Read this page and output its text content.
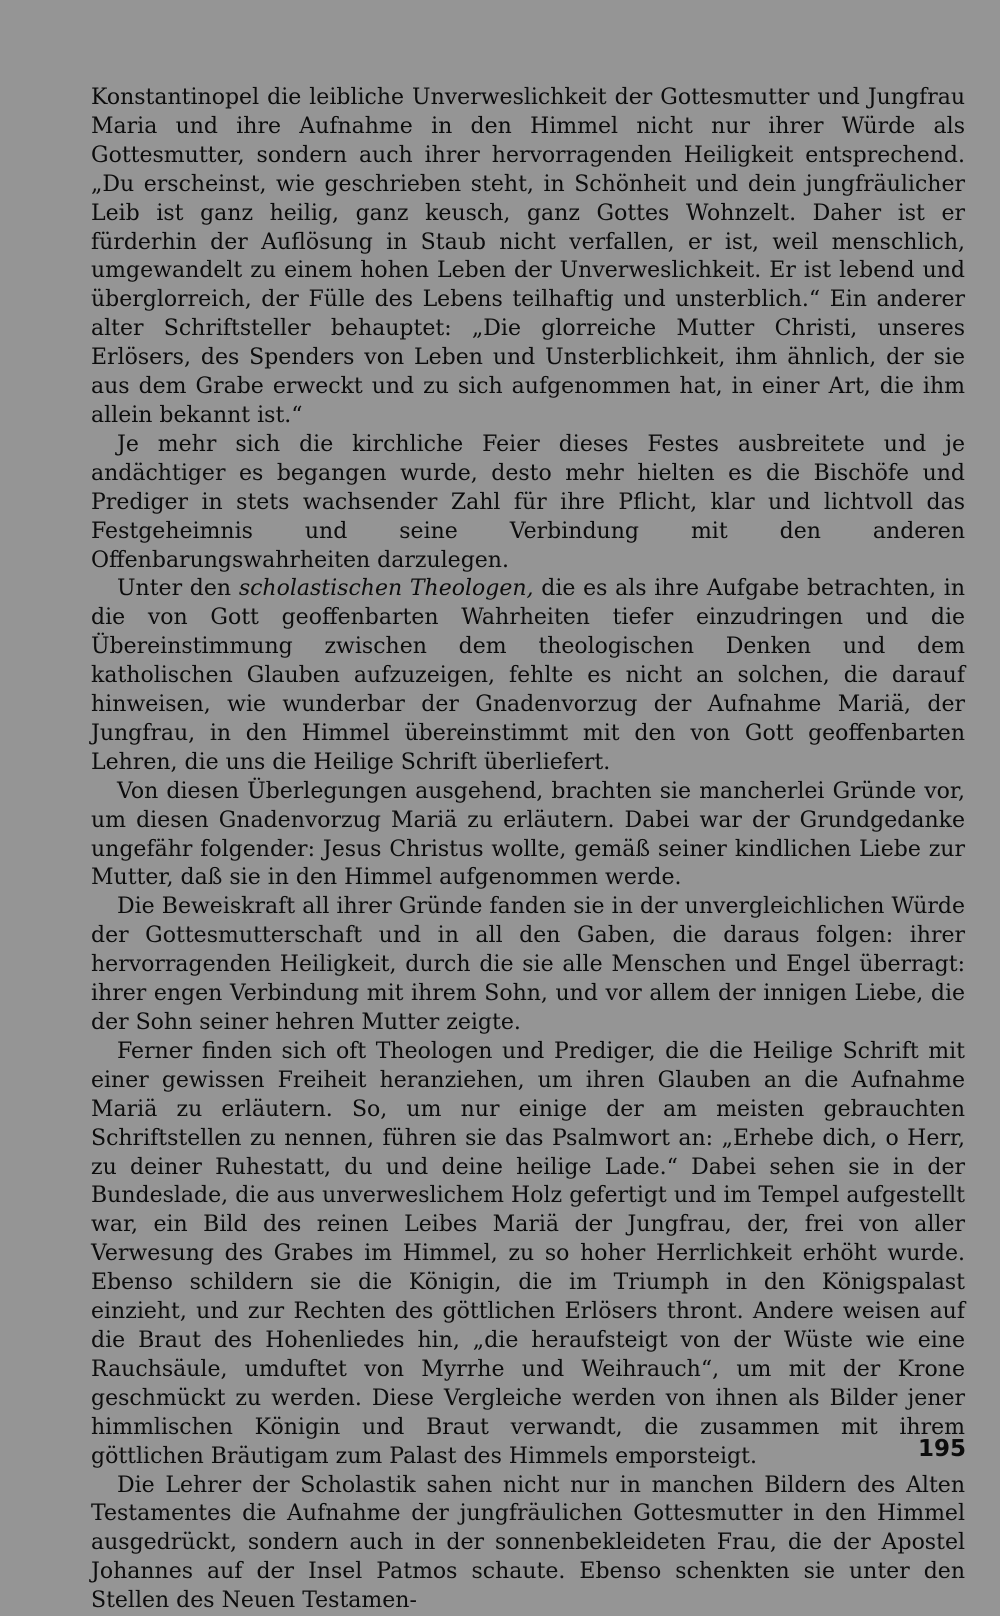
Konstantinopel die leibliche Unverweslichkeit der Gottesmutter und Jungfrau Maria und ihre Aufnahme in den Himmel nicht nur ihrer Würde als Gottesmutter, sondern auch ihrer hervorragenden Heiligkeit entsprechend. „Du erscheinst, wie geschrieben steht, in Schönheit und dein jungfräulicher Leib ist ganz heilig, ganz keusch, ganz Gottes Wohnzelt. Daher ist er fürderhin der Auflösung in Staub nicht verfallen, er ist, weil menschlich, umgewandelt zu einem hohen Leben der Unverweslichkeit. Er ist lebend und überglorreich, der Fülle des Lebens teilhaftig und unsterblich.“ Ein anderer alter Schriftsteller behauptet: „Die glorreiche Mutter Christi, unseres Erlösers, des Spenders von Leben und Unsterblichkeit, ihm ähnlich, der sie aus dem Grabe erweckt und zu sich aufgenommen hat, in einer Art, die ihm allein bekannt ist.“

Je mehr sich die kirchliche Feier dieses Festes ausbreitete und je andächtiger es begangen wurde, desto mehr hielten es die Bischöfe und Prediger in stets wachsender Zahl für ihre Pflicht, klar und lichtvoll das Festgeheimnis und seine Verbindung mit den anderen Offenbarungswahrheiten darzulegen.

Unter den scholastischen Theologen, die es als ihre Aufgabe betrachten, in die von Gott geoffenbarten Wahrheiten tiefer einzudringen und die Übereinstimmung zwischen dem theologischen Denken und dem katholischen Glauben aufzuzeigen, fehlte es nicht an solchen, die darauf hinweisen, wie wunderbar der Gnadenvorzug der Aufnahme Mariä, der Jungfrau, in den Himmel übereinstimmt mit den von Gott geoffenbarten Lehren, die uns die Heilige Schrift überliefert.

Von diesen Überlegungen ausgehend, brachten sie mancherlei Gründe vor, um diesen Gnadenvorzug Mariä zu erläutern. Dabei war der Grundgedanke ungefähr folgender: Jesus Christus wollte, gemäß seiner kindlichen Liebe zur Mutter, daß sie in den Himmel aufgenommen werde.

Die Beweiskraft all ihrer Gründe fanden sie in der unvergleichlichen Würde der Gottesmutterschaft und in all den Gaben, die daraus folgen: ihrer hervorragenden Heiligkeit, durch die sie alle Menschen und Engel überragt: ihrer engen Verbindung mit ihrem Sohn, und vor allem der innigen Liebe, die der Sohn seiner hehren Mutter zeigte.

Ferner finden sich oft Theologen und Prediger, die die Heilige Schrift mit einer gewissen Freiheit heranziehen, um ihren Glauben an die Aufnahme Mariä zu erläutern. So, um nur einige der am meisten gebrauchten Schriftstellen zu nennen, führen sie das Psalmwort an: „Erhebe dich, o Herr, zu deiner Ruhestatt, du und deine heilige Lade.“ Dabei sehen sie in der Bundeslade, die aus unverweslichem Holz gefertigt und im Tempel aufgestellt war, ein Bild des reinen Leibes Mariä der Jungfrau, der, frei von aller Verwesung des Grabes im Himmel, zu so hoher Herrlichkeit erhöht wurde. Ebenso schildern sie die Königin, die im Triumph in den Königspalast einzieht, und zur Rechten des göttlichen Erlösers thront. Andere weisen auf die Braut des Hohenliedes hin, „die heraufsteigt von der Wüste wie eine Rauchsäule, umduftet von Myrrhe und Weihrauch“, um mit der Krone geschmückt zu werden. Diese Vergleiche werden von ihnen als Bilder jener himmlischen Königin und Braut verwandt, die zusammen mit ihrem göttlichen Bräutigam zum Palast des Himmels emporsteigt.

Die Lehrer der Scholastik sahen nicht nur in manchen Bildern des Alten Testamentes die Aufnahme der jungfräulichen Gottesmutter in den Himmel ausgedrückt, sondern auch in der sonnenbekleideten Frau, die der Apostel Johannes auf der Insel Patmos schaute. Ebenso schenkten sie unter den Stellen des Neuen Testamen-

195
